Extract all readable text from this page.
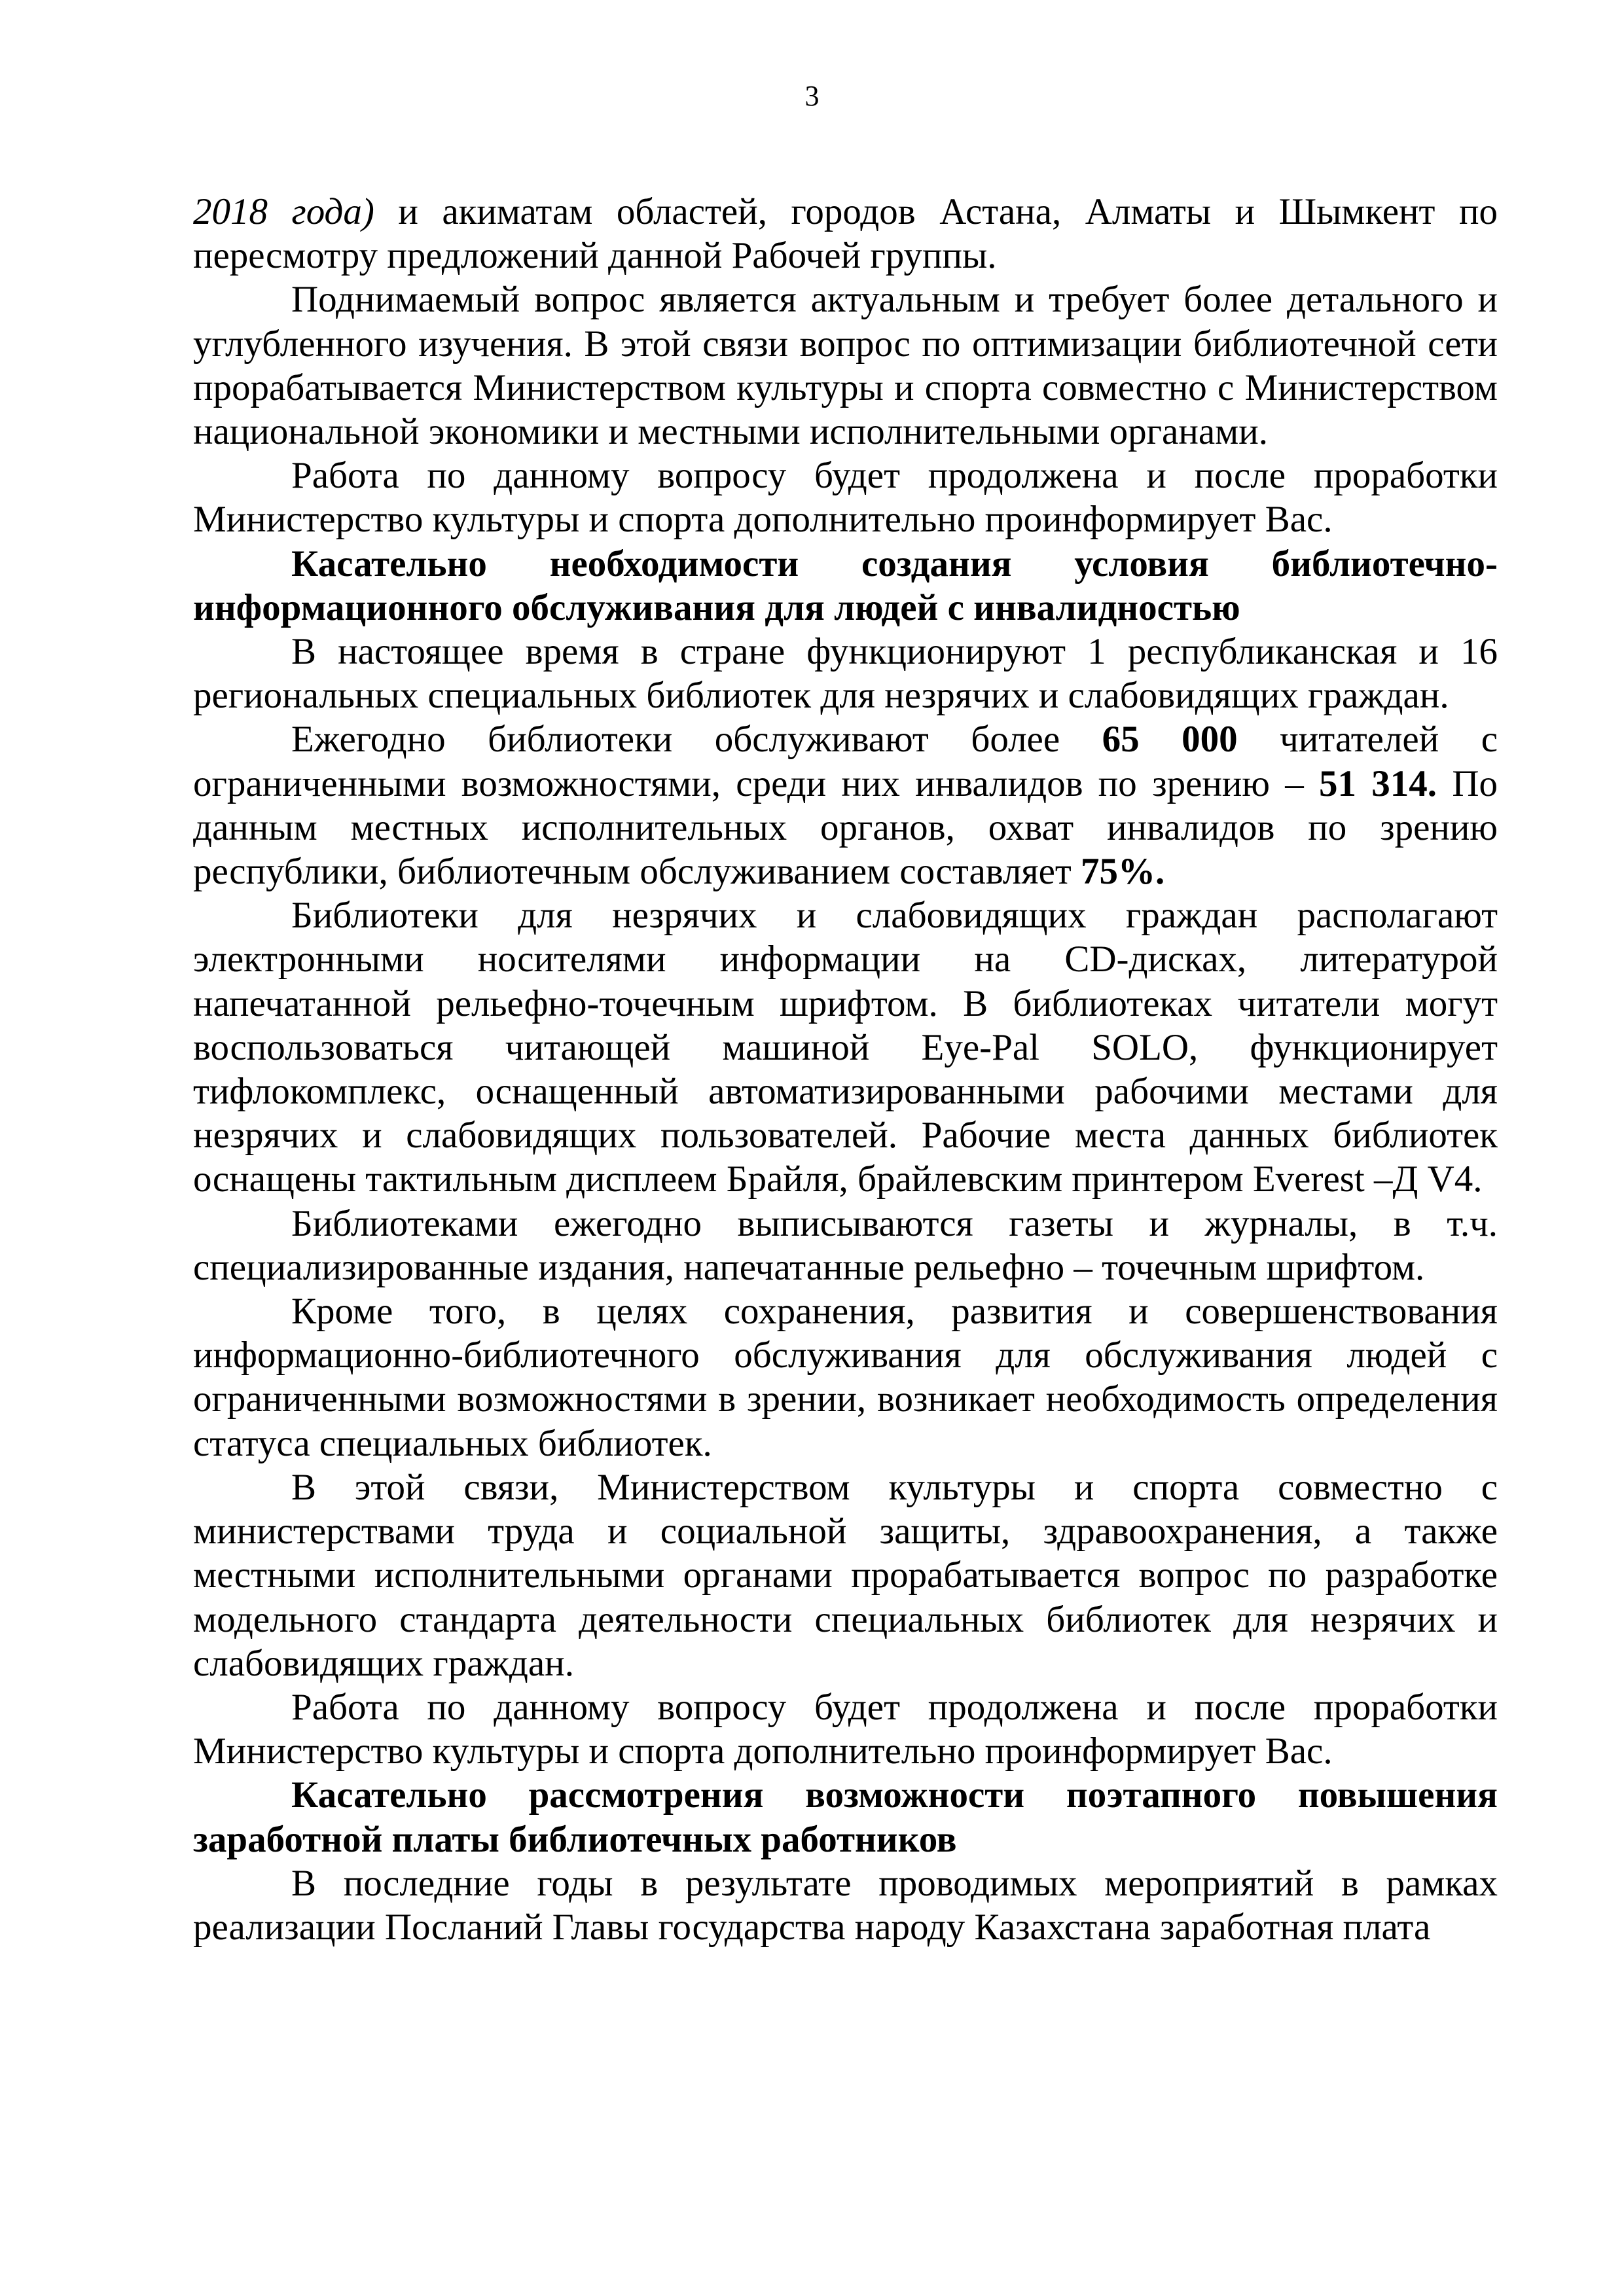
3

2018 года) и акиматам областей, городов Астана, Алматы и Шымкент по пересмотру предложений данной Рабочей группы.

Поднимаемый вопрос является актуальным и требует более детального и углубленного изучения. В этой связи вопрос по оптимизации библиотечной сети прорабатывается Министерством культуры и спорта совместно с Министерством национальной экономики и местными исполнительными органами.

Работа по данному вопросу будет продолжена и после проработки Министерство культуры и спорта дополнительно проинформирует Вас.

Касательно необходимости создания условия библиотечно-информационного обслуживания для людей с инвалидностью

В настоящее время в стране функционируют 1 республиканская и 16 региональных специальных библиотек для незрячих и слабовидящих граждан.

Ежегодно библиотеки обслуживают более 65 000 читателей с ограниченными возможностями, среди них инвалидов по зрению – 51 314. По данным местных исполнительных органов, охват инвалидов по зрению республики, библиотечным обслуживанием составляет 75%.

Библиотеки для незрячих и слабовидящих граждан располагают электронными носителями информации на CD-дисках, литературой напечатанной рельефно-точечным шрифтом. В библиотеках читатели могут воспользоваться читающей машиной Eye-Pal SOLO, функционирует тифлокомплекс, оснащенный автоматизированными рабочими местами для незрячих и слабовидящих пользователей. Рабочие места данных библиотек оснащены тактильным дисплеем Брайля, брайлевским принтером Everest –Д V4.

Библиотеками ежегодно выписываются газеты и журналы, в т.ч. специализированные издания, напечатанные рельефно – точечным шрифтом.

Кроме того, в целях сохранения, развития и совершенствования информационно-библиотечного обслуживания для обслуживания людей с ограниченными возможностями в зрении, возникает необходимость определения статуса специальных библиотек.

В этой связи, Министерством культуры и спорта совместно с министерствами труда и социальной защиты, здравоохранения, а также местными исполнительными органами прорабатывается вопрос по разработке модельного стандарта деятельности специальных библиотек для незрячих и слабовидящих граждан.

Работа по данному вопросу будет продолжена и после проработки Министерство культуры и спорта дополнительно проинформирует Вас.

Касательно рассмотрения возможности поэтапного повышения заработной платы библиотечных работников

В последние годы в результате проводимых мероприятий в рамках реализации Посланий Главы государства народу Казахстана заработная плата
